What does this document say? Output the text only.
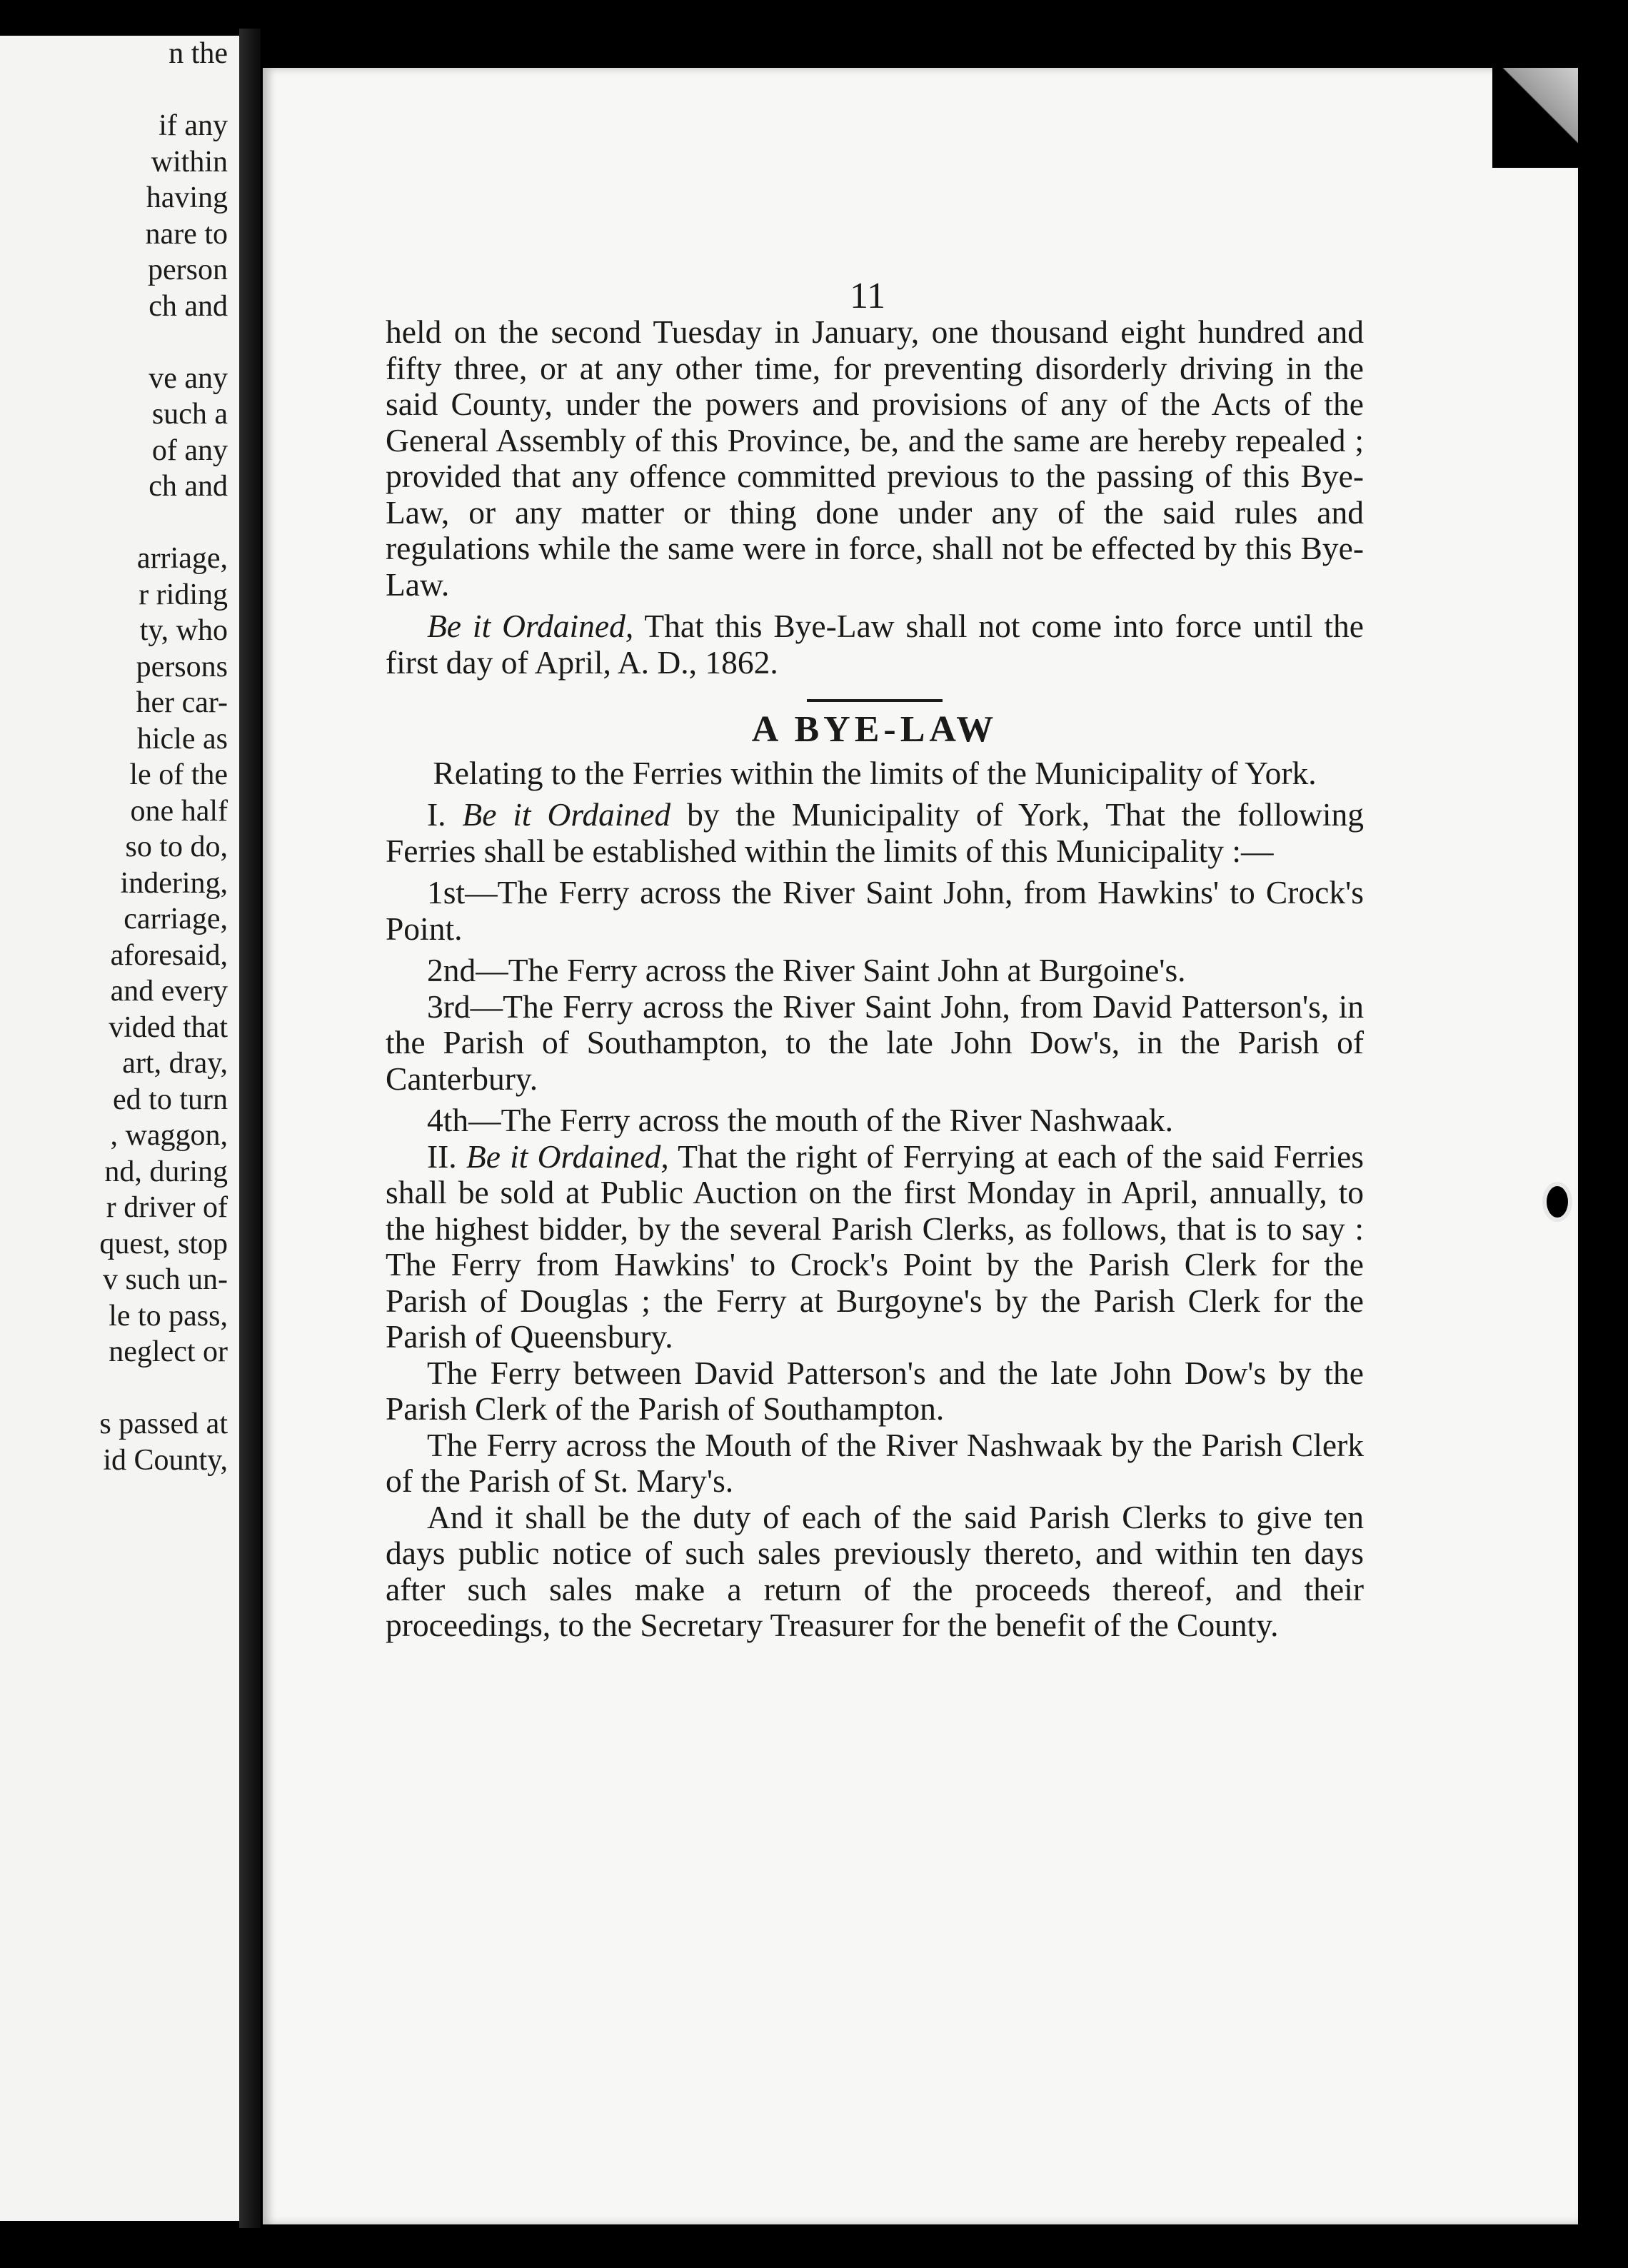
n the

if any
within
having
nare to
person
ch and

ve any
such a
of any
ch and

arriage,
r riding
ty, who
persons
her car-
hicle as
le of the
one half
so to do,
indering,
carriage,
aforesaid,
and every
vided that
art, dray,
ed to turn
, waggon,
nd, during
r driver of
quest, stop
v such un-
le to pass,
neglect or

s passed at
id County,
11

held on the second Tuesday in January, one thousand eight hundred and fifty three, or at any other time, for preventing disorderly driving in the said County, under the powers and provisions of any of the Acts of the General Assembly of this Province, be, and the same are hereby repealed ; provided that any offence committed previous to the passing of this Bye-Law, or any matter or thing done under any of the said rules and regulations while the same were in force, shall not be effected by this Bye-Law.

Be it Ordained, That this Bye-Law shall not come into force until the first day of April, A. D., 1862.

A BYE-LAW

Relating to the Ferries within the limits of the Municipality of York.

I. Be it Ordained by the Municipality of York, That the following Ferries shall be established within the limits of this Municipality :—

1st—The Ferry across the River Saint John, from Hawkins' to Crock's Point.

2nd—The Ferry across the River Saint John at Burgoine's.

3rd—The Ferry across the River Saint John, from David Patterson's, in the Parish of Southampton, to the late John Dow's, in the Parish of Canterbury.

4th—The Ferry across the mouth of the River Nashwaak.

II. Be it Ordained, That the right of Ferrying at each of the said Ferries shall be sold at Public Auction on the first Monday in April, annually, to the highest bidder, by the several Parish Clerks, as follows, that is to say : The Ferry from Hawkins' to Crock's Point by the Parish Clerk for the Parish of Douglas ; the Ferry at Burgoyne's by the Parish Clerk for the Parish of Queensbury.

The Ferry between David Patterson's and the late John Dow's by the Parish Clerk of the Parish of Southampton.

The Ferry across the Mouth of the River Nashwaak by the Parish Clerk of the Parish of St. Mary's.

And it shall be the duty of each of the said Parish Clerks to give ten days public notice of such sales previously thereto, and within ten days after such sales make a return of the proceeds thereof, and their proceedings, to the Secretary Treasurer for the benefit of the County.
